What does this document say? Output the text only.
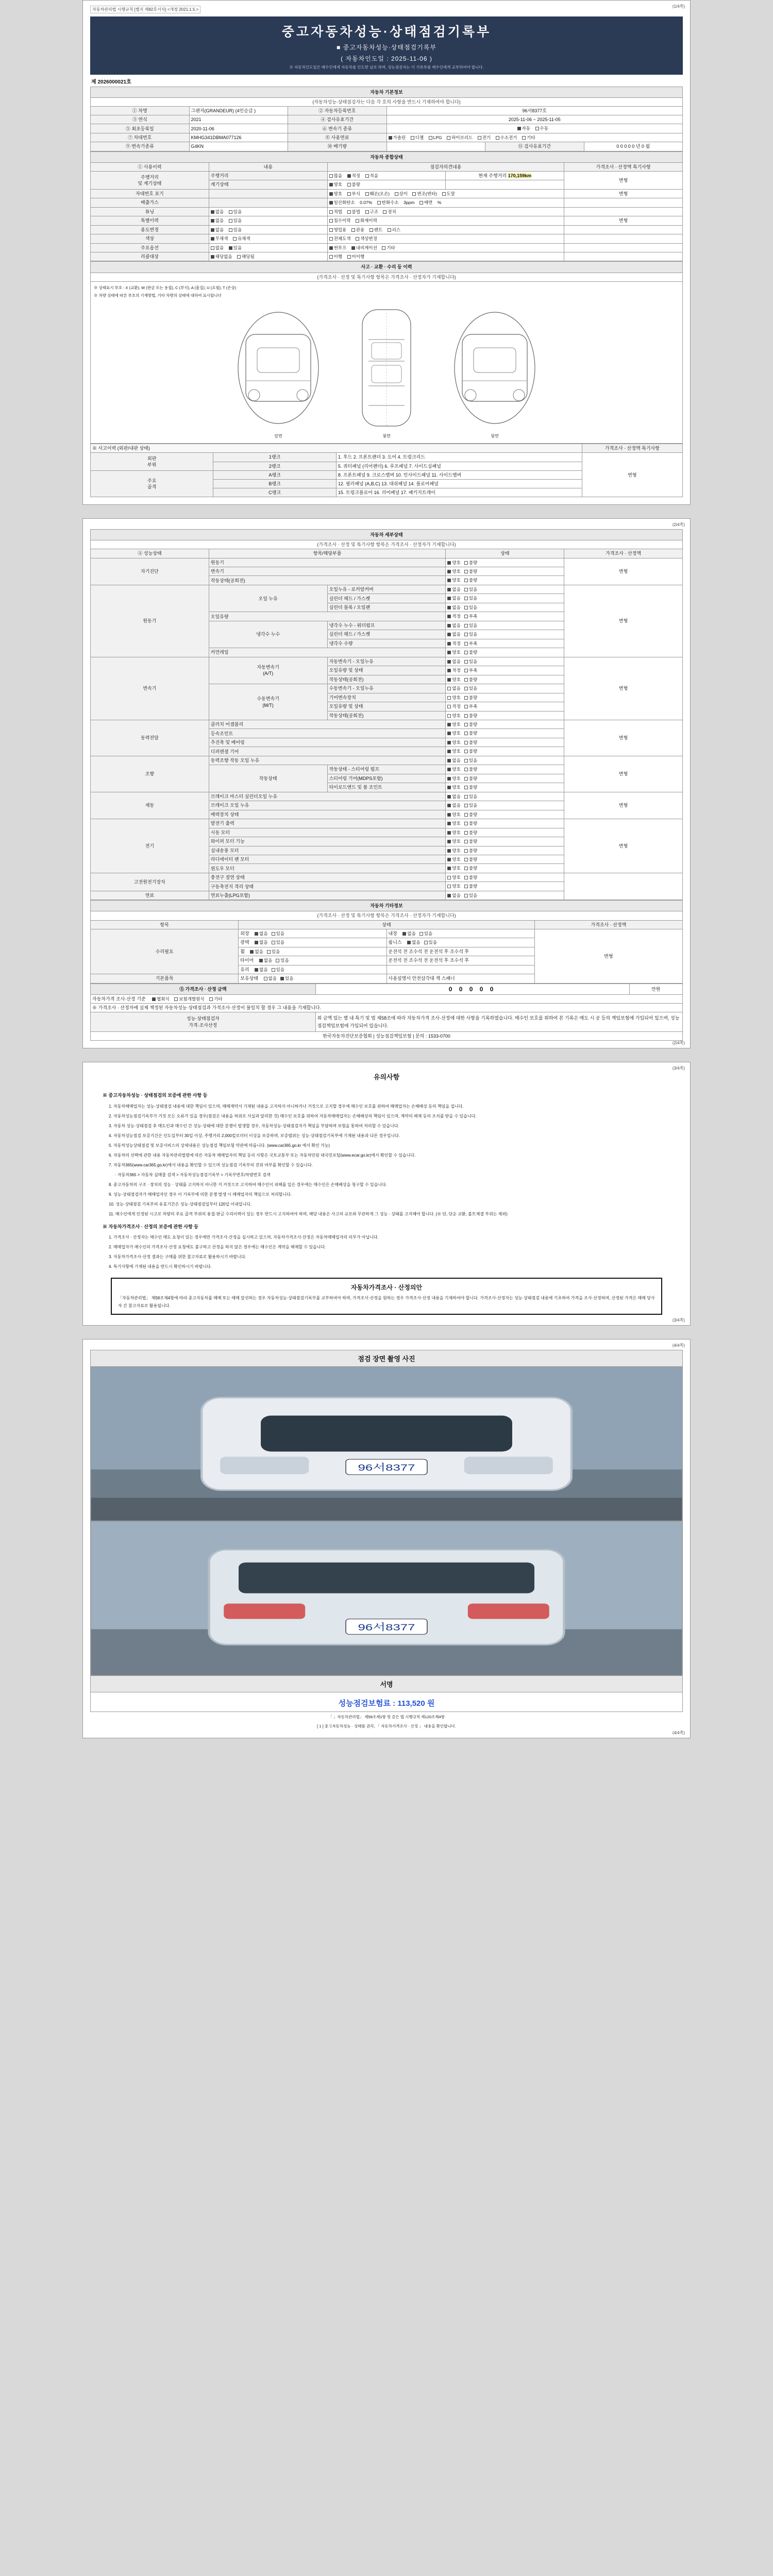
자동차관리법 시행규칙 [별지 제82호서식] <개정 2021.1.5.>
(1/4쪽)
중고자동차성능·상태점검기록부
■ 중고자동차성능·상태점검기록부
( 자동차인도일 : 2025-11-06 )
※ 자동차인도일은 매수인에게 자동차를 인도한 날로 하며, 성능점검자는 이 기록부를 매수인에게 교부하여야 합니다.
제 2026000021호
자동차 기본정보					
(자동차성능·상태점검자는 다음 각 호의 사항을 반드시 기재하여야 합니다)					
① 차명	그랜저(GRANDEUR) (4인승급 )	② 자동차등록번호	96서8377호		
③ 연식	2021	④ 검사유효기간	2025-11-06 ~ 2025-11-05		
⑤ 최초등록일	2020-11-06	⑥ 변속기 종류	자동 수동		
⑦ 차대번호	KMHG341DBMA077126	⑧ 사용연료	가솔린 디젤 LPG 하이브리드 전기 수소전기 기타		
⑨ 변속기종류	G4KN	⑩ 배기량		⑪ 검사유효기간	0 0 0 0 0 년 0 월
자동차 종합상태				
① 사용이력	내용	점검자의견내용		가격조사 · 산정액 특기사항
주행거리
및 계기상태	주행거리	많음 적정 적음	현재 주행거리 170,159km	변형
	계기상태	양호 불량		
자대번호 표기		양호 부식 훼손(오손) 상이 변조(변타) 도말		변형
배출가스		일산화탄소 0.07% 탄화수소 3ppm 매연 %		
튜닝	없음 있음	적법 불법 구조 장치		
특별이력	없음 있음	침수이력 화재이력		변형
용도변경	없음 있음	영업용 관용 렌트 리스		
색상	무채색 유채색	전체도색 색상변경		
주요옵션	없음 있음	썬루프 내비게이션 기타		
리콜대상	해당없음 해당됨	이행 미이행		
사고 · 교환 · 수리 등 이력
(가격조사 · 산정 및 특기사항 항목은 가격조사 · 산정자가 기재합니다)
※ 상태표시 부호 : X (교환), W (판금 또는 용접), C (부식), A (흠집), U (요철), T (손상)
※ 차량 상태에 따른 부호의 기재방법, 기타 차량의 상태에 대하여 표시합니다
앞면	윗면	뒷면
※ 사고이력 (외판/내판 상태)			가격조사 · 산정액 특기사항
외판
부위	1랭크	1. 후드 2. 프론트팬더 3. 도어 4. 트렁크리드	변형
	2랭크	5. 쿼터패널 (리어팬더) 6. 루프패널 7. 사이드실패널	
주요
골격	A랭크	8. 프론트패널 9. 크로스멤버 10. 인사이드패널 11. 사이드멤버	
	B랭크	12. 필러패널 (A,B,C) 13. 대쉬패널 14. 플로어패널	
	C랭크	15. 트렁크플로어 16. 리어패널 17. 패키지트레이	
(2/4쪽)
자동차 세부상태				
(가격조사 · 산정 및 특기사항 항목은 가격조사 · 산정자가 기재합니다)				
④ 성능상태	항목/해당부품		상태	가격조사 · 산정액
자기진단	원동기		양호 불량	변형
	변속기		양호 불량	
	작동상태(공회전)		양호 불량	
원동기	오일 누유	오일누유 - 로커암커버	없음 있음	변형
		실린더 헤드 / 가스켓	없음 있음	
		실린더 블록 / 오일팬	없음 있음	
	오일유량		적정 부족	
	냉각수 누수	냉각수 누수 - 워터펌프	없음 있음	
		실린더 헤드 / 가스켓	없음 있음	
		냉각수 수량	적정 부족	
	커먼레일		양호 불량	
변속기	자동변속기
(A/T)	자동변속기 - 오일누유	없음 있음	변형
		오일유량 및 상태	적정 부족	
		작동상태(공회전)	양호 불량	
	수동변속기
(M/T)	수동변속기 - 오일누유	없음 있음	
		기어변속장치	양호 불량	
		오일유량 및 상태	적정 부족	
		작동상태(공회전)	양호 불량	
동력전달	클러치 어셈블리		양호 불량	변형
	등속조인트		양호 불량	
	추진축 및 베어링		양호 불량	
	디퍼렌셜 기어		양호 불량	
조향	동력조향 작동 오일 누유		없음 있음	변형
	작동상태	작동상태 - 스티어링 펌프	양호 불량	
		스티어링 기어(MDPS포함)	양호 불량	
		타이로드엔드 및 볼 조인트	양호 불량	
제동	브레이크 마스터 실린더오일 누유		없음 있음	변형
	브레이크 오일 누유		없음 있음	
	배력장치 상태		양호 불량	
전기	발전기 출력		양호 불량	변형
	시동 모터		양호 불량	
	와이퍼 모터 기능		양호 불량	
	실내송풍 모터		양호 불량	
	라디에이터 팬 모터		양호 불량	
	윈도우 모터		양호 불량	
고전원전기장치	충전구 절연 상태		양호 불량	
	구동축전지 격리 상태		양호 불량	
연료	연료누출(LPG포함)		없음 있음	
자동차 기타정보			
(가격조사 · 산정 및 특기사항 항목은 가격조사 · 산정자가 기재합니다)			
항목	상태		가격조사 · 산정액
수리필요	외장 없음 있음	내장 없음 있음	변형
	광택 없음 있음	룸니스 없음 있음	
	휠 없음 있음	운전석 전 조수석 전 운전석 후 조수석 후	
	타이어 없음 있음	운전석 전 조수석 전 운전석 후 조수석 후	
	유리 없음 있음		
기본품목	보유상태 없음 있음	사용설명서 안전삼각대 잭 스패너	
⑤ 가격조사 · 산정 금액	0 0 0 0 0	만원
자동차가격 조사·산정 기준 협회식 보험개발원식 기타		
※ 가격조사 · 산정자에 실제 책정된 자동차성능·상태점검과 가격조사·산정이 불일치 할 경우 그 내용을 기재합니다.		

성능·상태점검자
가격·조사산정	위 금액 있는 별 내 특기 및 법 제58조에 따라 자동차가격 조사·산정에 대한 사항을 기록하였습니다. 매수인 보호를 위하여 본 기록은 매도 시 공 등의 책임보험에 가입되어 있으며, 성능점검책임보험에 가입되어 있습니다.	
한국자동차진단보증협회 | 성능점검책임보험 | 문의 : 1533-0700		
(2/4쪽)
(3/4쪽)
유의사항
※ 중고자동차성능 · 상태점검의 보증에 관한 사항 등

1. 자동차매매업자는 성능·상태점검 내용에 대한 책임이 있으며, 매매계약서 기재된 내용을 고지하지 아니하거나 거짓으로 고지할 경우에 매수인 보호를 위하여 매매업자는 손해배상 등의 책임을 집니다.

2. 자동차성능점검기록부가 거짓 모든 오류가 있을 경우(점검은 내용을 허위로 사실과 달리한 것) 매수인 보호를 위하여 자동차매매업자는 손해배상의 책임이 있으며, 계약의 해제 등의 조치를 받을 수 있습니다.

3. 자동차 성능·상태점검 후 매도인과 매수인 간 성능·상태에 대한 분쟁이 발생할 경우, 자동차성능·상태점검자가 책임을 부담하며 보험을 통하여 처리할 수 있습니다.

4. 자동차성능점검 보증기간은 인도일부터 30일 이상, 주행거리 2,000킬로미터 이상을 보증하며, 보증범위는 성능·상태점검기록부에 기재된 내용과 다른 경우입니다.

5. 자동차성능상태점검 및 보증서비스의 상세내용은 성능점검 책임보험 약관에 따릅니다. (www.car365.go.kr 에서 확인 가능)

6. 자동차의 선택에 관한 내용 자동차관리법령에 따른 자동차 매매업자의 책임 등의 사항은 국토교통부 또는 자동차민원 대국민포털(www.ecar.go.kr)에서 확인할 수 있습니다.

7. 자동차365(www.car365.go.kr)에서 내용을 확인할 수 있으며 성능점검 기록부의 진위 여부를 확인할 수 있습니다.

· 자동차365 > 자동차 실매물 검색 > 자동차성능점검기록부 > 기록부번호/차량번호 검색

8. 중고자동차의 구조 · 장치의 성능 · 상태를 고지하지 아니한 거 거짓으로 고지하여 매수인이 피해를 입은 경우에는 매수인은 손해배상을 청구할 수 있습니다.

9. 성능·상태점검자가 매매업자인 경우 이 기록부에 의한 분쟁 발생 시 매매업자의 책임으로 처리합니다.

10. 성능·상태점검 기록부의 유효기간은 성능·상태점검일부터 120일 이내입니다.

11. 매수인에게 인정된 시고로 차량의 주요 골격 부위의 용접·판금 수리이력이 있는 경우 반드시 고지하여야 하며, 해당 내용은 사고의 규모와 무관하게 그 성능 · 상태를 고지해야 합니다. (※ 단, 단순 교환, 볼트체결 부위는 제외)

※ 자동차가격조사 · 산정의 보증에 관한 사항 등

1. 가격조사 · 산정자는 매수인 매도 요청이 있는 경우에만 가격조사·산정을 실시하고 있으며, 자동차가격조사·산정은 자동차매매업자의 의무가 아닙니다.

2. 매매업자가 매수인의 가격조사·산정 요청에도 불구하고 산정을 하지 않은 경우에는 매수인은 계약을 해제할 수 있습니다.

3. 자동차가격조사·산정 결과는 구매를 위한 참고자료로 활용하시기 바랍니다.

4. 특기사항에 기재된 내용을 반드시 확인하시기 바랍니다.

자동차가격조사 · 산정의안
「자동차관리법」 제58조제4항에 따라 중고자동차를 매매 또는 매매 알선하는 경우 자동차성능·상태점검기록부를 교부하여야 하며, 가격조사·산정을 원하는 경우 가격조사·산정 내용을 기재하여야 합니다. 가격조사·산정자는 성능·상태점검 내용에 기초하여 가격을 조사·산정하며, 산정된 가격은 매매 당사자 간 참고자료로 활용됩니다.
(3/4쪽)
(4/4쪽)
점검 장면 촬영 사진
96서8377
96서8377
서명
성능점검보험료 : 113,520 원
「 」자동차관리법」 제58조제1항 및 같은 법 시행규칙 제120조제4항
[ 1 ] 중고자동차성능 · 상태를 권리, 「 자동차가격조사 · 산정 」 내용을 확인합니다.
(4/4쪽)
